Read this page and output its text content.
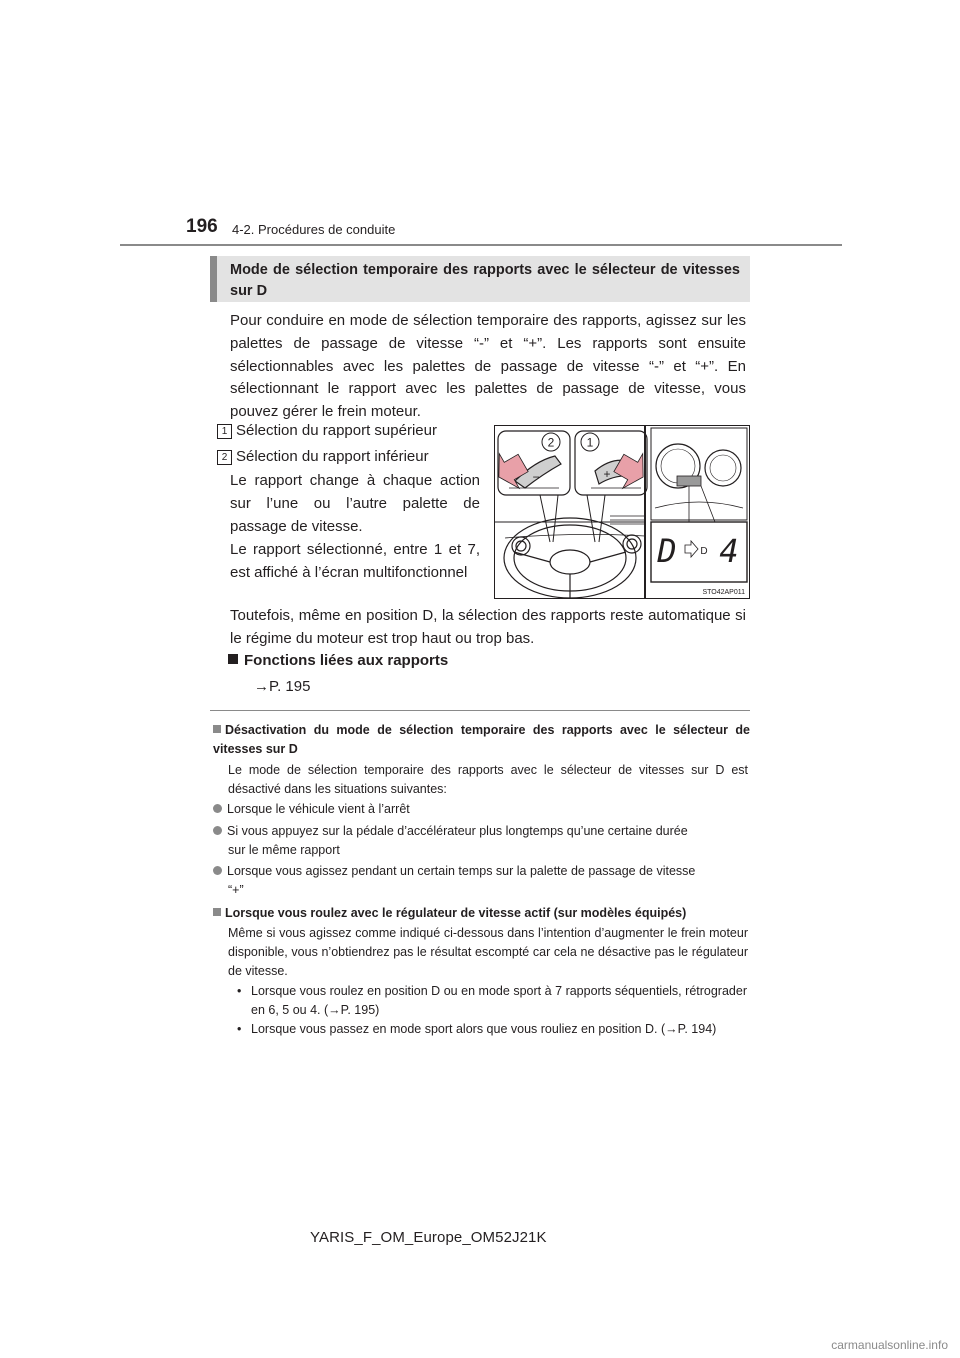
196 4-2. Procédures de conduite
Mode de sélection temporaire des rapports avec le sélecteur de vitesses sur D
Pour conduire en mode de sélection temporaire des rapports, agissez sur les palettes de passage de vitesse “-” et “+”. Les rapports sont ensuite sélectionnables avec les palettes de passage de vitesse “-” et “+”. En sélectionnant le rapport avec les palettes de passage de vitesse, vous pouvez gérer le frein moteur.
1 Sélection du rapport supérieur
2 Sélection du rapport inférieur
Le rapport change à chaque action sur l’une ou l’autre palette de passage de vitesse.
Le rapport sélectionné, entre 1 et 7, est affiché à l’écran multifonctionnel
2	1
−	+
D D 4
STO42AP011
Toutefois, même en position D, la sélection des rapports reste automatique si le régime du moteur est trop haut ou trop bas.
Fonctions liées aux rapports
→P. 195
Désactivation du mode de sélection temporaire des rapports avec le sélecteur de vitesses sur D
Le mode de sélection temporaire des rapports avec le sélecteur de vitesses sur D est désactivé dans les situations suivantes:
Lorsque le véhicule vient à l’arrêt
Si vous appuyez sur la pédale d’accélérateur plus longtemps qu’une certaine durée
sur le même rapport
Lorsque vous agissez pendant un certain temps sur la palette de passage de vitesse
“+”
Lorsque vous roulez avec le régulateur de vitesse actif (sur modèles équipés)
Même si vous agissez comme indiqué ci-dessous dans l’intention d’augmenter le frein moteur disponible, vous n’obtiendrez pas le résultat escompté car cela ne désactive pas le régulateur de vitesse.
• Lorsque vous roulez en position D ou en mode sport à 7 rapports séquentiels, rétrograder en 6, 5 ou 4. (→P. 195)
• Lorsque vous passez en mode sport alors que vous rouliez en position D. (→P. 194)
YARIS_F_OM_Europe_OM52J21K
carmanualsonline.info
